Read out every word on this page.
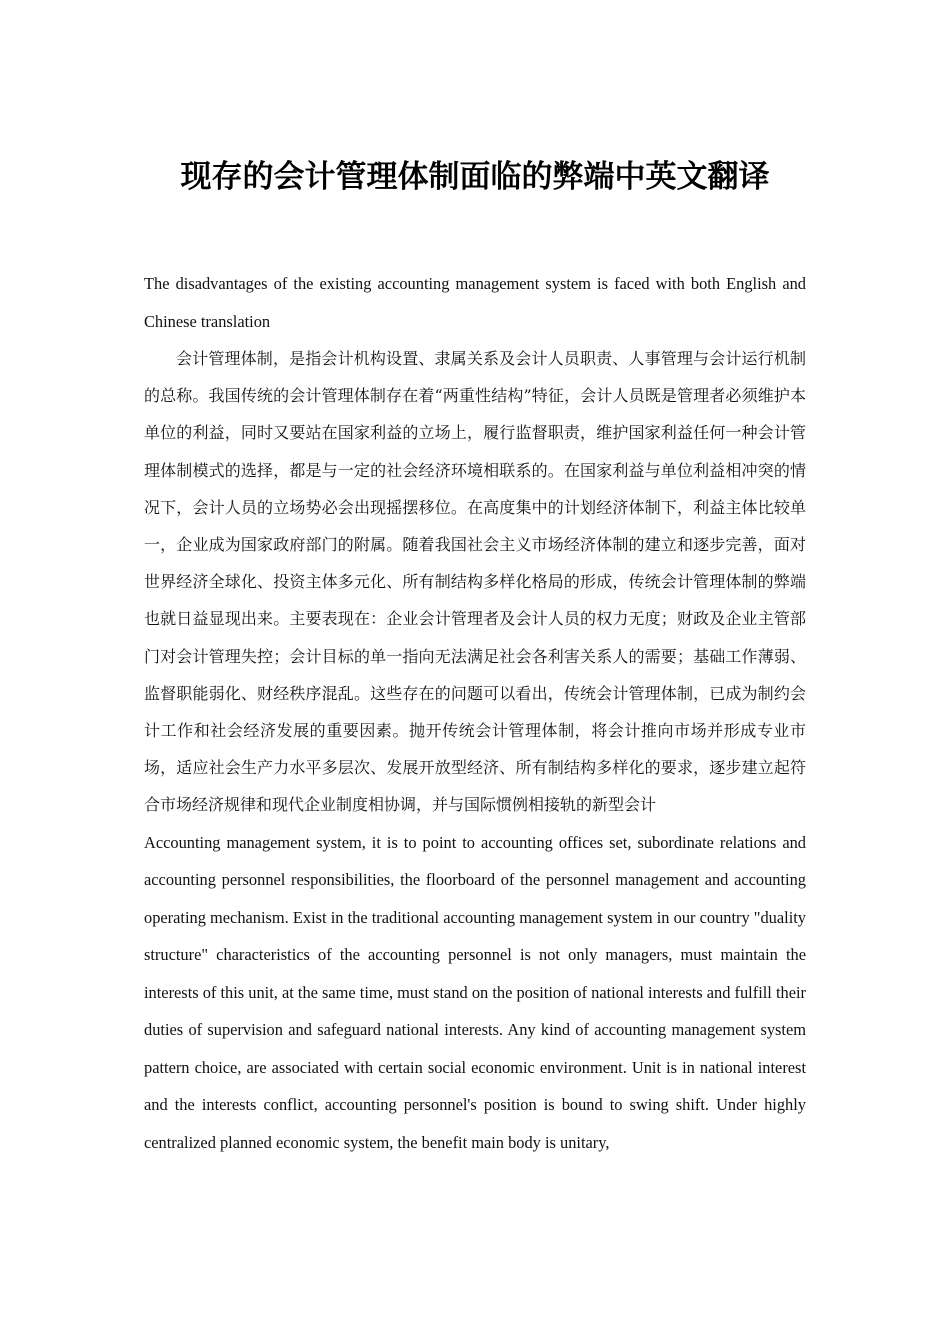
现存的会计管理体制面临的弊端中英文翻译

The disadvantages of the existing accounting management system is faced with both English and Chinese translation

会计管理体制，是指会计机构设置、隶属关系及会计人员职责、人事管理与会计运行机制的总称。我国传统的会计管理体制存在着“两重性结构”特征，会计人员既是管理者必须维护本单位的利益，同时又要站在国家利益的立场上，履行监督职责，维护国家利益任何一种会计管理体制模式的选择，都是与一定的社会经济环境相联系的。在国家利益与单位利益相冲突的情况下，会计人员的立场势必会出现摇摆移位。在高度集中的计划经济体制下，利益主体比较单一，企业成为国家政府部门的附属。随着我国社会主义市场经济体制的建立和逐步完善，面对世界经济全球化、投资主体多元化、所有制结构多样化格局的形成，传统会计管理体制的弊端也就日益显现出来。主要表现在：企业会计管理者及会计人员的权力无度；财政及企业主管部门对会计管理失控；会计目标的单一指向无法满足社会各利害关系人的需要；基础工作薄弱、监督职能弱化、财经秩序混乱。这些存在的问题可以看出，传统会计管理体制，已成为制约会计工作和社会经济发展的重要因素。抛开传统会计管理体制，将会计推向市场并形成专业市场，适应社会生产力水平多层次、发展开放型经济、所有制结构多样化的要求，逐步建立起符合市场经济规律和现代企业制度相协调，并与国际惯例相接轨的新型会计

Accounting management system, it is to point to accounting offices set, subordinate relations and accounting personnel responsibilities, the floorboard of the personnel management and accounting operating mechanism. Exist in the traditional accounting management system in our country "duality structure" characteristics of the accounting personnel is not only managers, must maintain the interests of this unit, at the same time, must stand on the position of national interests and fulfill their duties of supervision and safeguard national interests. Any kind of accounting management system pattern choice, are associated with certain social economic environment. Unit is in national interest and the interests conflict, accounting personnel's position is bound to swing shift. Under highly centralized planned economic system, the benefit main body is unitary,
